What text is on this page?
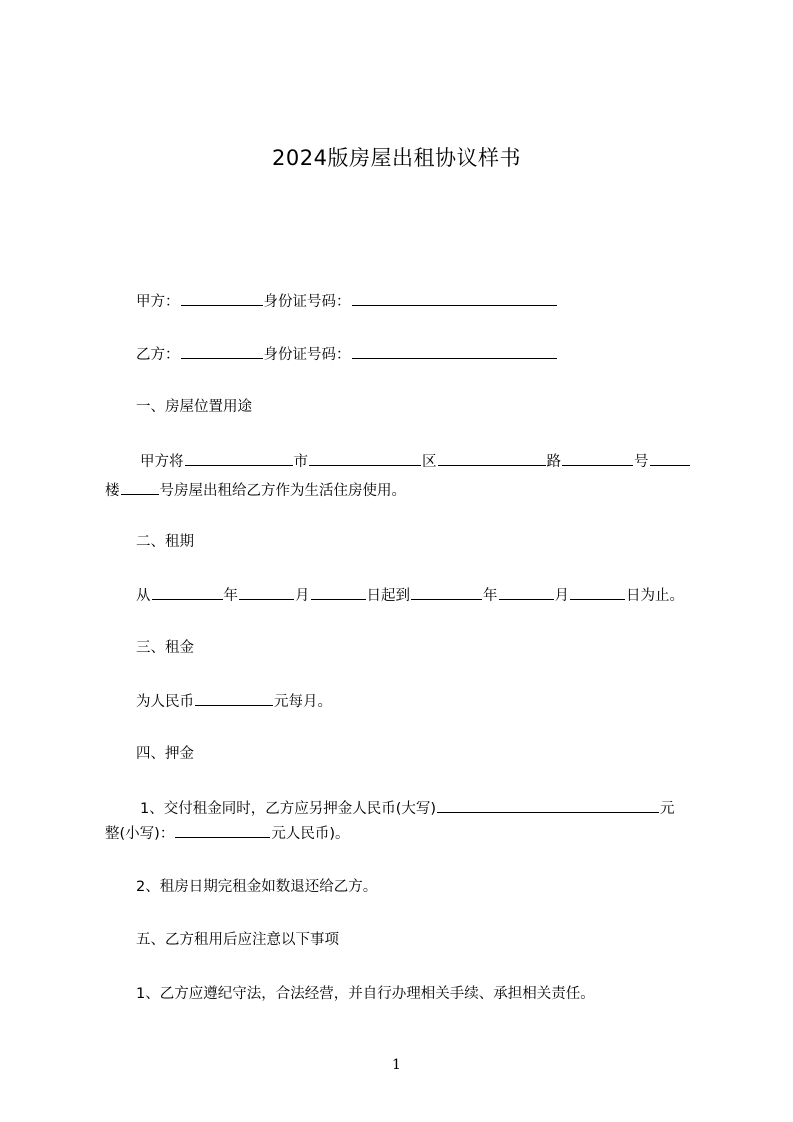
2024版房屋出租协议样书
甲方：	身份证号码：
乙方：	身份证号码：
一、房屋位置用途
甲方将	市	区	路	号
楼	号房屋出租给乙方作为生活住房使用。
二、租期
从	年	月	日起到	年	月	日为止。
三、租金
为人民币	元每月。
四、押金
1、交付租金同时，乙方应另押金人民币(大写)	元
整(小写)：	元人民币)。
2、租房日期完租金如数退还给乙方。
五、乙方租用后应注意以下事项
1、乙方应遵纪守法，合法经营，并自行办理相关手续、承担相关责任。
1
